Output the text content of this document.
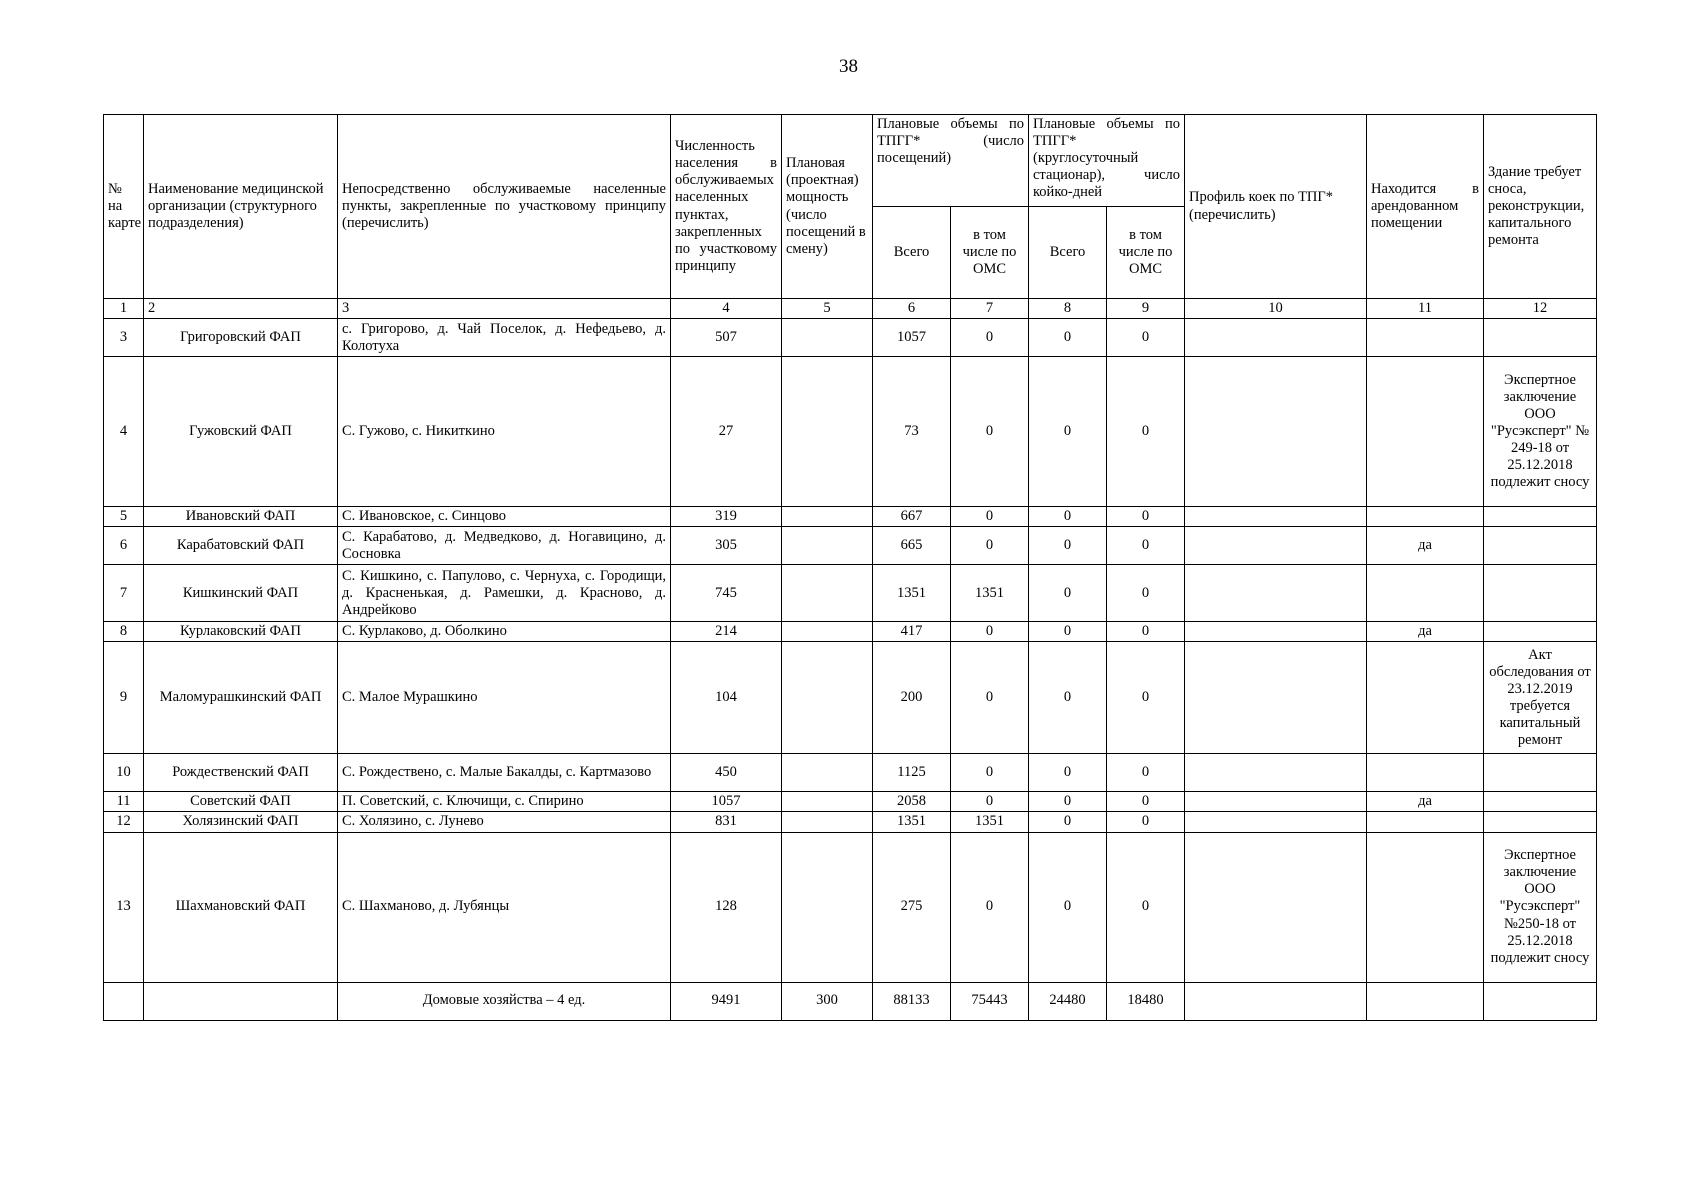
38
№ на карте	Наименование медицинской организации (структурного подразделения)	Непосредственно обслуживаемые населенные пункты, закрепленные по участковому принципу (перечислить)	Численность населения в обслуживаемых населенных пунктах, закрепленных по участковому принципу	Плановая (проектная) мощность (число посещений в смену)	Плановые объемы по ТПГГ* (число посещений)		Плановые объемы по ТПГГ* (круглосуточный стационар), число койко-дней		Профиль коек по ТПГ* (перечислить)	Находится в арендованном помещении	Здание требует сноса, реконструкции, капитального ремонта
					Всего	в том числе по ОМС	Всего	в том числе по ОМС			
1	2	3	4	5	6	7	8	9	10	11	12
3	Григоровский ФАП	с. Григорово, д. Чай Поселок, д. Нефедьево, д. Колотуха	507		1057	0	0	0			
4	Гужовский ФАП	С. Гужово, с. Никиткино	27		73	0	0	0			Экспертное заключение ООО "Русэксперт" № 249-18 от 25.12.2018 подлежит сносу
5	Ивановский ФАП	С. Ивановское, с. Синцово	319		667	0	0	0			
6	Карабатовский ФАП	С. Карабатово, д. Медведково, д. Ногавицино, д. Сосновка	305		665	0	0	0		да	
7	Кишкинский ФАП	С. Кишкино, с. Папулово, с. Чернуха, с. Городищи, д. Красненькая, д. Рамешки, д. Красново, д. Андрейково	745		1351	1351	0	0			
8	Курлаковский ФАП	С. Курлаково, д. Оболкино	214		417	0	0	0		да	
9	Маломурашкинский ФАП	С. Малое Мурашкино	104		200	0	0	0			Акт обследования от 23.12.2019 требуется капитальный ремонт
10	Рождественский ФАП	С. Рождествено, с. Малые Бакалды, с. Картмазово	450		1125	0	0	0			
11	Советский ФАП	П. Советский, с. Ключищи, с. Спирино	1057		2058	0	0	0		да	
12	Холязинский ФАП	С. Холязино, с. Лунево	831		1351	1351	0	0			
13	Шахмановский ФАП	С. Шахманово, д. Лубянцы	128		275	0	0	0			Экспертное заключение ООО "Русэксперт" №250-18 от 25.12.2018 подлежит сносу
		Домовые хозяйства – 4 ед.	9491	300	88133	75443	24480	18480			
